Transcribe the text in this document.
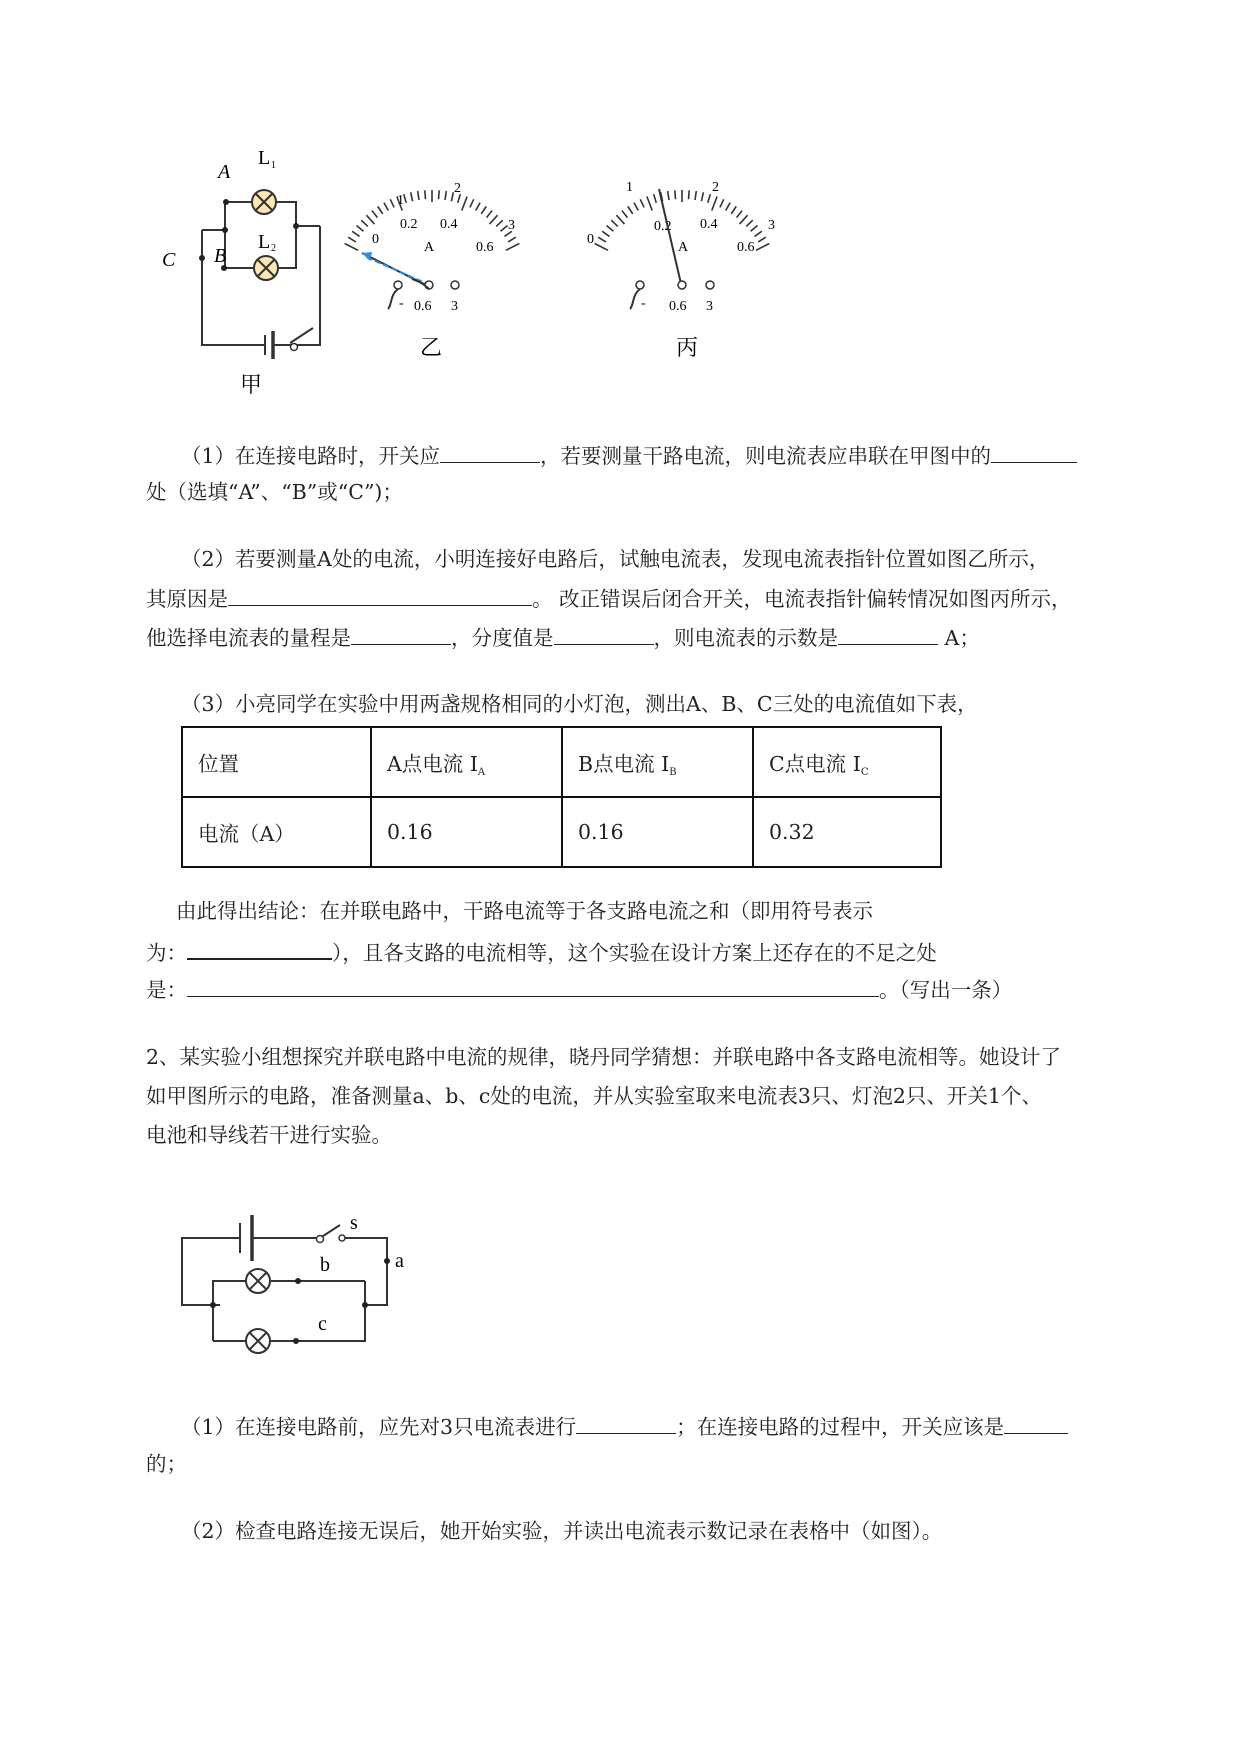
A
B
C
L 1
L 2
甲
0
1
2
3
0.2 0.4
0.6
A
- 0.6 3
乙
0
1	2
3
0.2 0.4
0.6
A
- 0.6 3
丙
（1）在连接电路时，开关应	，若要测量干路电流，则电流表应串联在甲图中的
处（选填“A”、“B”或“C”)；
（2）若要测量A处的电流，小明连接好电路后，试触电流表，发现电流表指针位置如图乙所示，
其原因是	。 改正错误后闭合开关，电流表指针偏转情况如图丙所示，
他选择电流表的量程是	，分度值是	，则电流表的示数是	A；
（3）小亮同学在实验中用两盏规格相同的小灯泡，测出A、B、C三处的电流值如下表，
位置	A点电流 $I_A$	B点电流 $I_B$	C点电流 $I_C$
电流（A）	0.16	0.16	0.32
由此得出结论：在并联电路中，干路电流等于各支路电流之和（即用符号表示
为：	），且各支路的电流相等，这个实验在设计方案上还存在的不足之处
是：	。（写出一条）
2、某实验小组想探究并联电路中电流的规律，晓丹同学猜想：并联电路中各支路电流相等。她设计了
如甲图所示的电路，准备测量a、b、c处的电流，并从实验室取来电流表3只、灯泡2只、开关1个、
电池和导线若干进行实验。
s
a
b
c
（1）在连接电路前，应先对3只电流表进行	；在连接电路的过程中，开关应该是
的；
（2）检查电路连接无误后，她开始实验，并读出电流表示数记录在表格中（如图）。
